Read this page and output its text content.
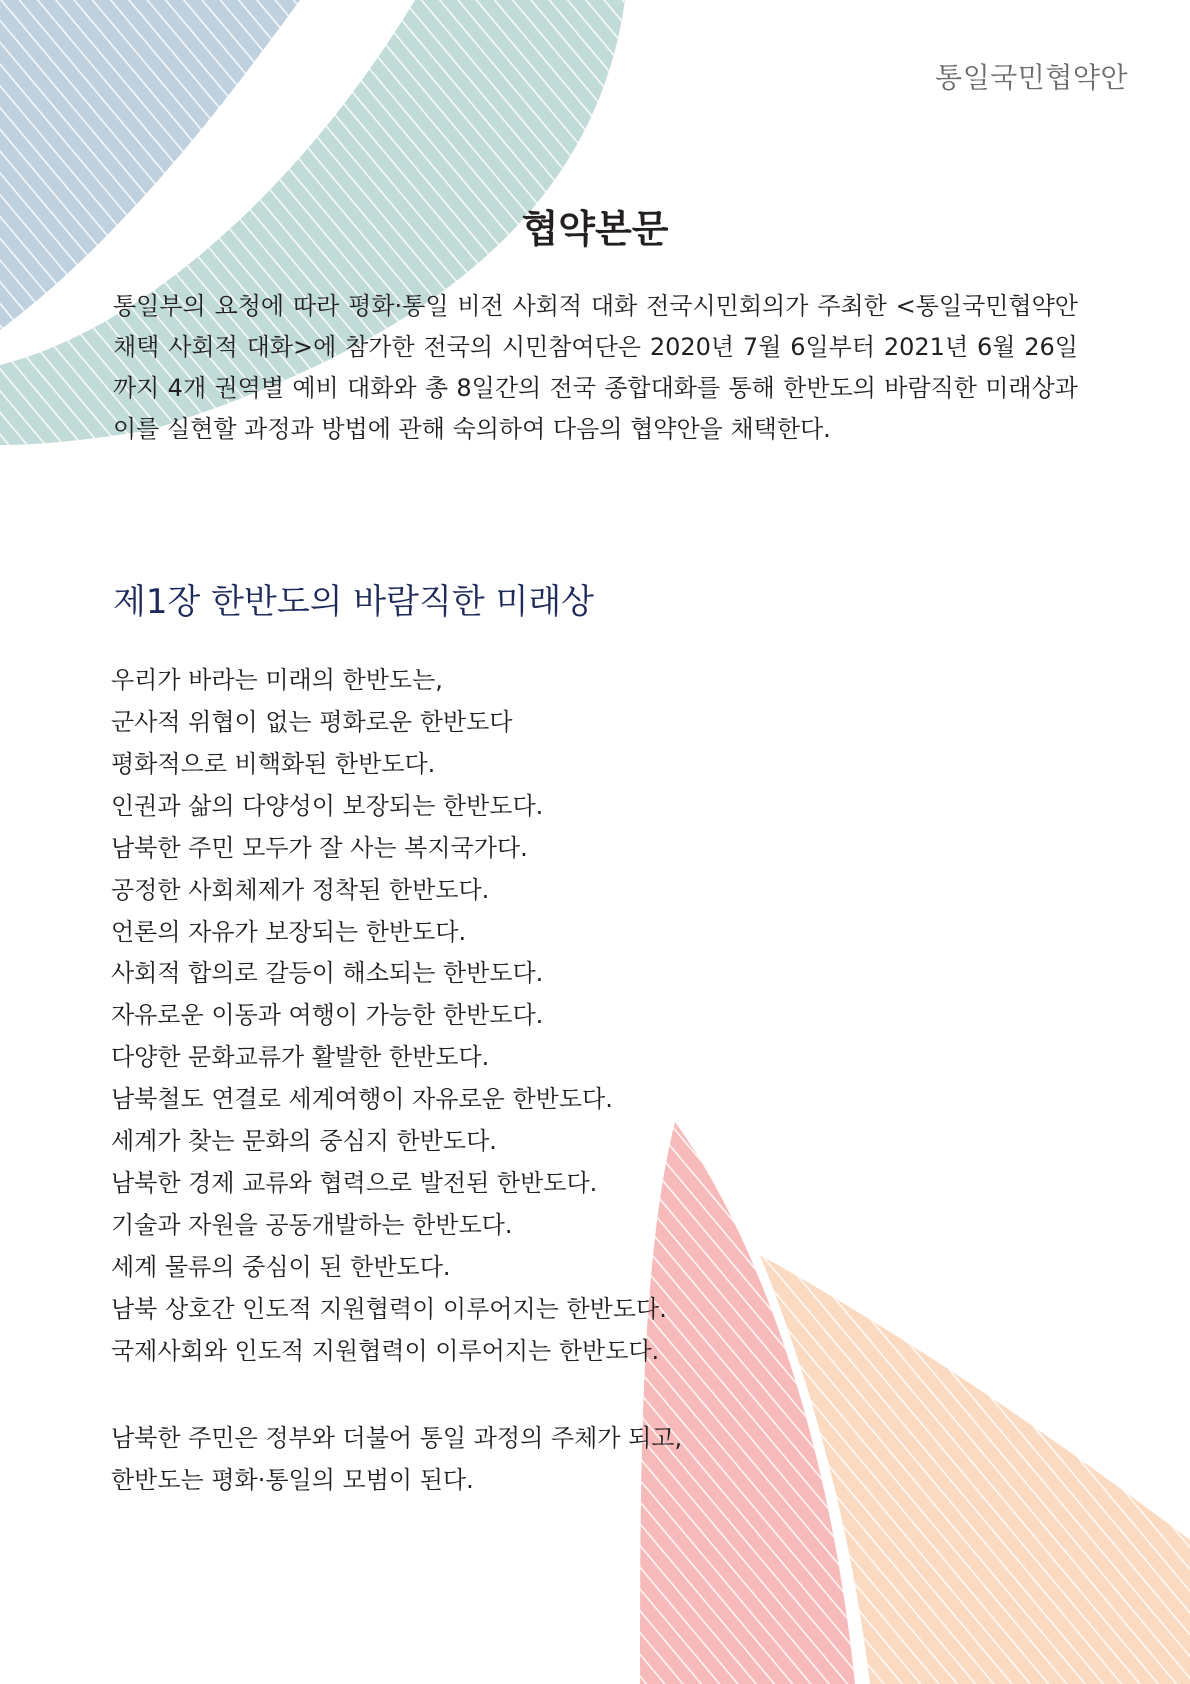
통일국민협약안
협약본문
통일부의 요청에 따라 평화·통일 비전 사회적 대화 전국시민회의가 주최한 <통일국민협약안 채택 사회적 대화>에 참가한 전국의 시민참여단은 2020년 7월 6일부터 2021년 6월 26일까지 4개 권역별 예비 대화와 총 8일간의 전국 종합대화를 통해 한반도의 바람직한 미래상과 이를 실현할 과정과 방법에 관해 숙의하여 다음의 협약안을 채택한다.
제1장 한반도의 바람직한 미래상
우리가 바라는 미래의 한반도는,
군사적 위협이 없는 평화로운 한반도다
평화적으로 비핵화된 한반도다.
인권과 삶의 다양성이 보장되는 한반도다.
남북한 주민 모두가 잘 사는 복지국가다.
공정한 사회체제가 정착된 한반도다.
언론의 자유가 보장되는 한반도다.
사회적 합의로 갈등이 해소되는 한반도다.
자유로운 이동과 여행이 가능한 한반도다.
다양한 문화교류가 활발한 한반도다.
남북철도 연결로 세계여행이 자유로운 한반도다.
세계가 찾는 문화의 중심지 한반도다.
남북한 경제 교류와 협력으로 발전된 한반도다.
기술과 자원을 공동개발하는 한반도다.
세계 물류의 중심이 된 한반도다.
남북 상호간 인도적 지원협력이 이루어지는 한반도다.
국제사회와 인도적 지원협력이 이루어지는 한반도다.
남북한 주민은 정부와 더불어 통일 과정의 주체가 되고,
한반도는 평화·통일의 모범이 된다.
